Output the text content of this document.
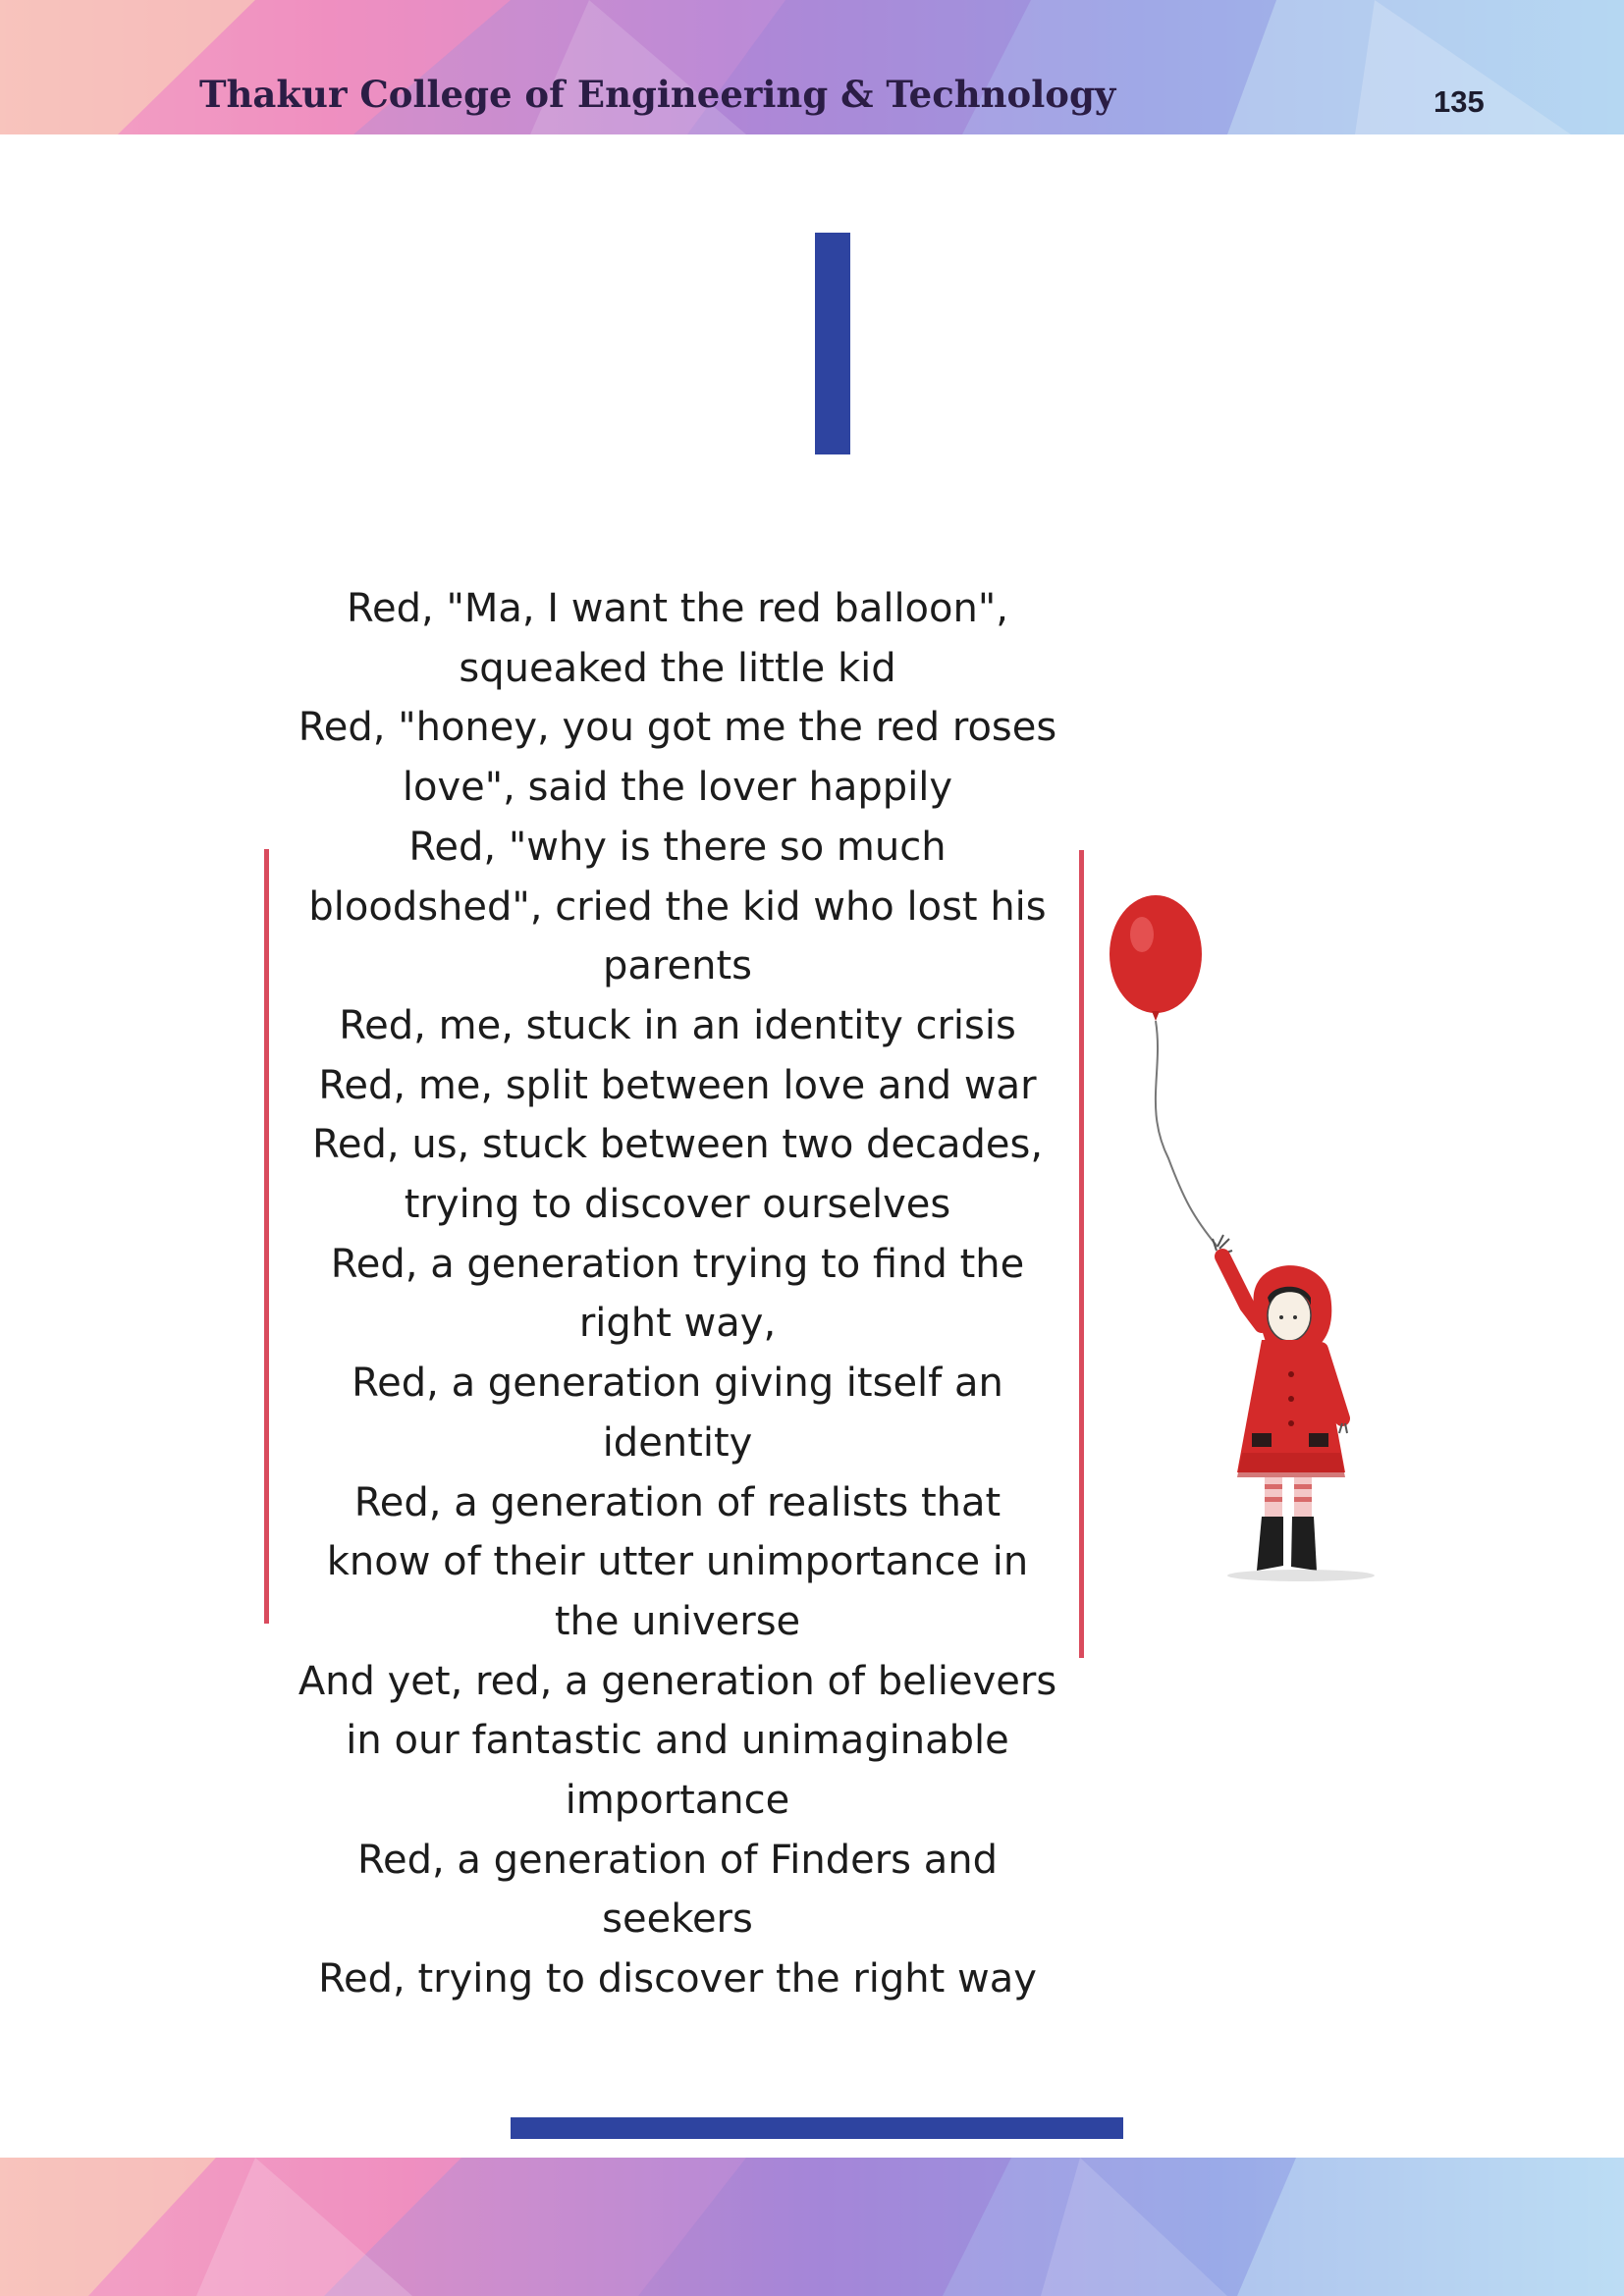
Thakur College of Engineering & Technology	135
Red, "Ma, I want the red balloon",
squeaked the little kid
Red, "honey, you got me the red roses
love", said the lover happily
Red, "why is there so much
bloodshed", cried the kid who lost his
parents
Red, me, stuck in an identity crisis
Red, me, split between love and war
Red, us, stuck between two decades,
trying to discover ourselves
Red, a generation trying to find the
right way,
Red, a generation giving itself an
identity
Red, a generation of realists that
know of their utter unimportance in
the universe
And yet, red, a generation of believers
in our fantastic and unimaginable
importance
Red, a generation of Finders and
seekers
Red, trying to discover the right way
